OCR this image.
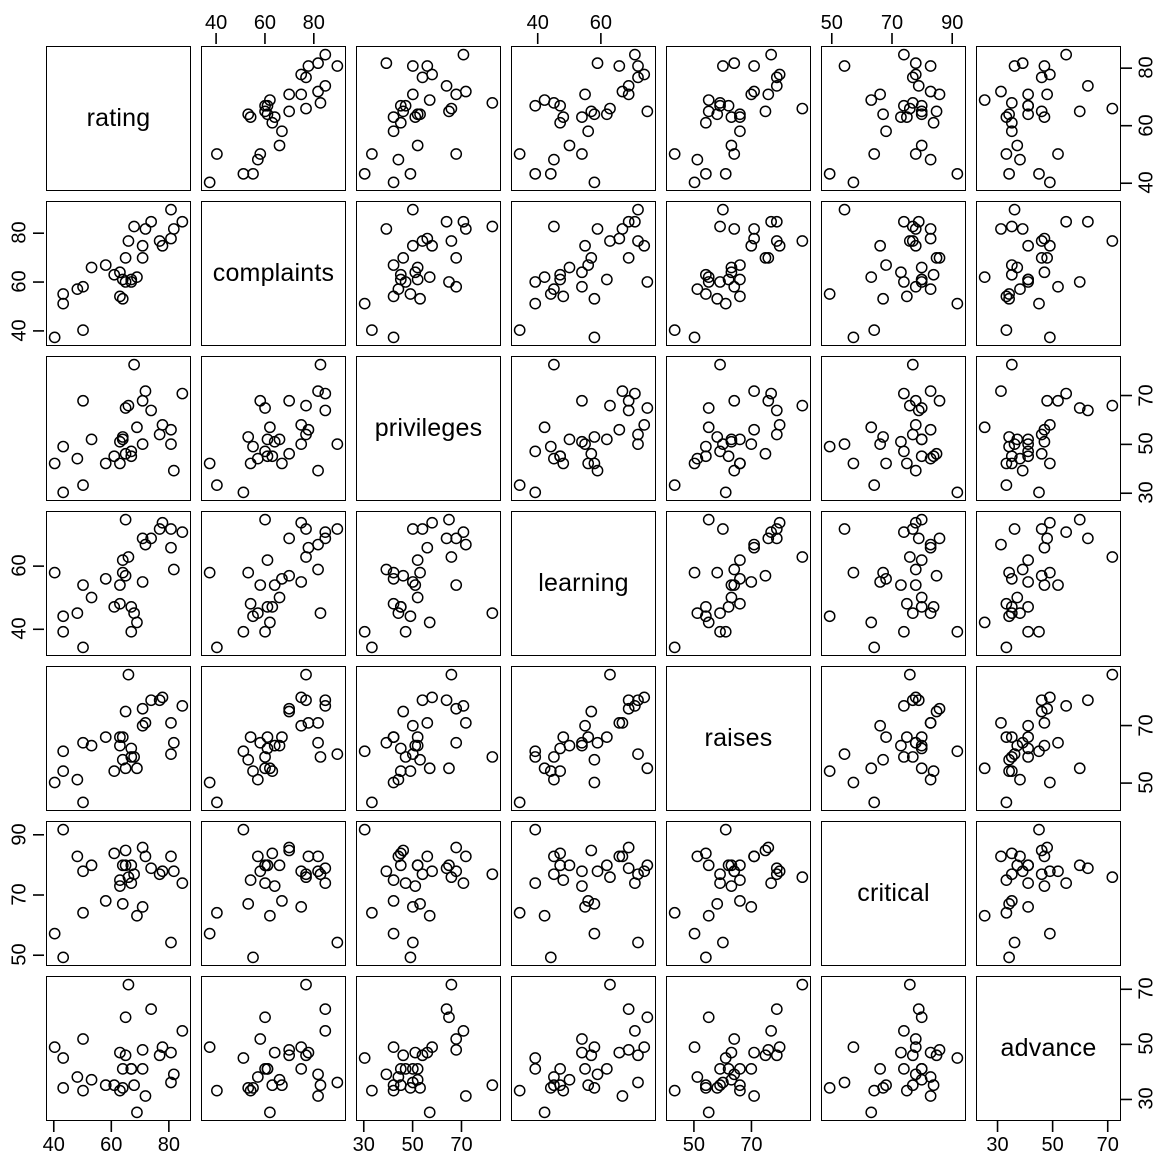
rating
complaints
privileges
learning
raises
critical
advance
40 60 80	40 60	50 70 90
40 60 80	30 50 70	50 70	30 50 70
40
60
80
40
60
50
70
90
40
60
80
30
50
70
50
70
30
50
70
